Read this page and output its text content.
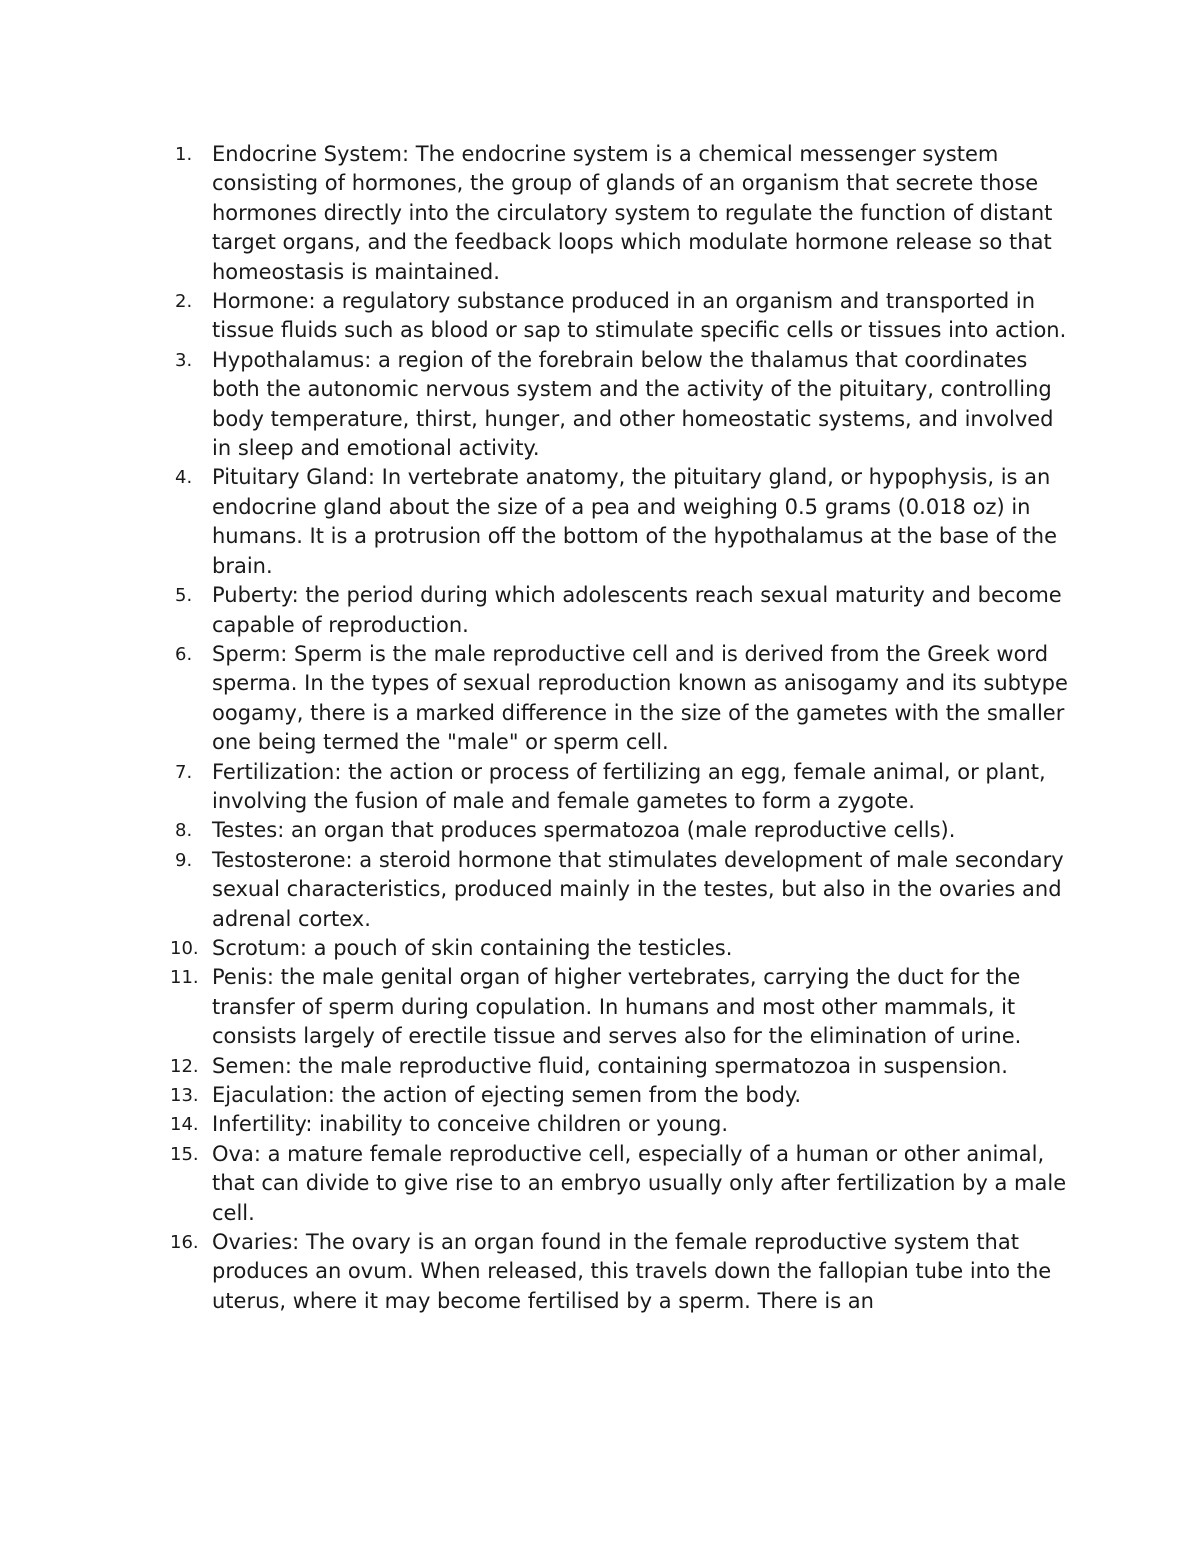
1. Endocrine System: The endocrine system is a chemical messenger system consisting of hormones, the group of glands of an organism that secrete those hormones directly into the circulatory system to regulate the function of distant target organs, and the feedback loops which modulate hormone release so that homeostasis is maintained.
2. Hormone: a regulatory substance produced in an organism and transported in tissue fluids such as blood or sap to stimulate specific cells or tissues into action.
3. Hypothalamus: a region of the forebrain below the thalamus that coordinates both the autonomic nervous system and the activity of the pituitary, controlling body temperature, thirst, hunger, and other homeostatic systems, and involved in sleep and emotional activity.
4. Pituitary Gland: In vertebrate anatomy, the pituitary gland, or hypophysis, is an endocrine gland about the size of a pea and weighing 0.5 grams (0.018 oz) in humans. It is a protrusion off the bottom of the hypothalamus at the base of the brain.
5. Puberty: the period during which adolescents reach sexual maturity and become capable of reproduction.
6. Sperm: Sperm is the male reproductive cell and is derived from the Greek word sperma. In the types of sexual reproduction known as anisogamy and its subtype oogamy, there is a marked difference in the size of the gametes with the smaller one being termed the "male" or sperm cell.
7. Fertilization: the action or process of fertilizing an egg, female animal, or plant, involving the fusion of male and female gametes to form a zygote.
8. Testes: an organ that produces spermatozoa (male reproductive cells).
9. Testosterone: a steroid hormone that stimulates development of male secondary sexual characteristics, produced mainly in the testes, but also in the ovaries and adrenal cortex.
10. Scrotum: a pouch of skin containing the testicles.
11. Penis: the male genital organ of higher vertebrates, carrying the duct for the transfer of sperm during copulation. In humans and most other mammals, it consists largely of erectile tissue and serves also for the elimination of urine.
12. Semen: the male reproductive fluid, containing spermatozoa in suspension.
13. Ejaculation: the action of ejecting semen from the body.
14. Infertility: inability to conceive children or young.
15. Ova: a mature female reproductive cell, especially of a human or other animal, that can divide to give rise to an embryo usually only after fertilization by a male cell.
16. Ovaries: The ovary is an organ found in the female reproductive system that produces an ovum. When released, this travels down the fallopian tube into the uterus, where it may become fertilised by a sperm. There is an
